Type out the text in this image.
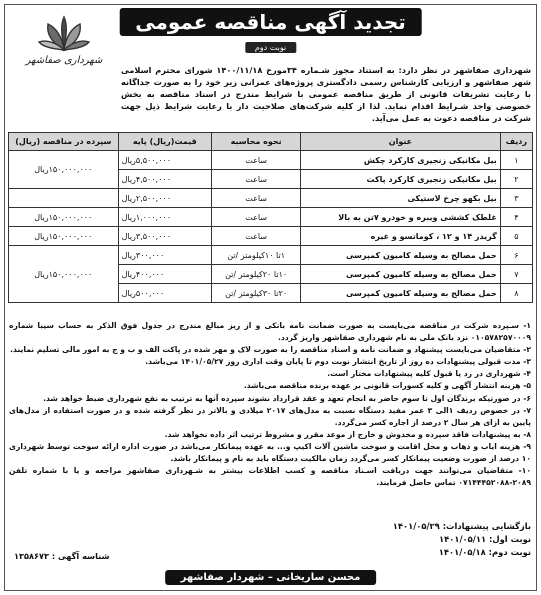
تجدید آگهی مناقصه عمومی
نوبت دوم
شهرداری صفاشهر

شهرداری صفاشهر در نظر دارد: به استناد مجوز شـماره ۳۴مورخ ۱۴۰۰/۱۱/۱۸ شورای محترم اسلامی شهر صفاشهر و ارزیابی کارشناس رسمی دادگستری پروژه‌های عمرانی زیر خود را به صورت جداگانه با رعایت تشریفات قانونی از طریق مناقصه عمومی با شرایط مندرج در اسناد مناقصه به بخش خصوصی واجد شـرایط اقدام نماید. لذا از کلیه شرکت‌های صلاحیت دار با رعایت شرایط ذیل جهت شرکت در مناقصه دعوت به عمل می‌آید.

ردیف	عنوان	نحوه محاسبه	قیمت(ریال) پایه	سپرده در مناقصه (ریال)
۱	بیل مکانیکی زنجیری کارکرد چکش	ساعت	۵,۵۰۰,۰۰۰ریال	۱۵۰,۰۰۰,۰۰۰ریال
۲	بیل مکانیکی زنجیری کارکرد پاکت	ساعت	۴,۵۰۰,۰۰۰ریال	
۳	بیل بکهو چرخ لاستیکی	ساعت	۲,۵۰۰,۰۰۰ریال	
۴	غلطک کششی ویبره و خودرو ۷تن به بالا	ساعت	۱,۰۰۰,۰۰۰ریال	۱۵۰,۰۰۰,۰۰۰ریال
۵	گریدر ۱۴ و ۱۲ ، کوماتسو و غیره	ساعت	۳,۵۰۰,۰۰۰ریال	۱۵۰,۰۰۰,۰۰۰ریال
۶	حمل مصالح به وسیله کامیون کمپرسی	۱تا ۱۰کیلومتر /تن	۳۰۰,۰۰۰ریال	۱۵۰,۰۰۰,۰۰۰ریال
۷	حمل مصالح به وسیله کامیون کمپرسی	۱۰تا ۲۰کیلومتر /تن	۴۰۰,۰۰۰ریال	
۸	حمل مصالح به وسیله کامیون کمپرسی	۲۰تا ۳۰کیلومتر /تن	۵۰۰,۰۰۰ریال	

۱- سـپرده شرکت در مناقصه می‌بایست به صورت ضمانت نامه بانکی و از ریز مبالغ مندرج در جدول فوق الذکر به حساب سیبا شماره ۰۱۰۵۷۸۲۵۷۰۰۰۹ نزد بانک ملی به نام شهرداری صفاشهر واریز گردد.

۲- متقاضیان می‌بایست پیشنهاد و ضمانت نامه و اسناد مناقصه را به صورت لاک و مهر شده در پاکت الف و ب و ج به امور مالی تسلیم نمایند.

۳- مدت قبولی پیشنهادات ده روز از تاریخ انتشار نوبت دوم تا پایان وقت اداری روز ۱۴۰۱/۰۵/۲۷ می‌باشد.

۴- شهرداری در رد یا قبول کلیه پیشنهادات مختار است.

۵- هزینه انتشار آگهی و کلیه کسورات قانونی بر عهده برنده مناقصه می‌باشد.

۶- در صورتیکه برندگان اول تا سوم حاضر به انجام تعهد و عقد قرارداد نشوند سپرده آنها به ترتیب به نفع شهرداری ضبط خواهد شد.

۷- در خصوص ردیف ۱الی ۳ عمر مفید دستگاه نسبت به مدل‌های ۲۰۱۷ میلادی و بالاتر در نظر گرفته شده و در صورت استفاده از مدل‌های پایین به ازای هر سال ۲ درصد از اجاره کسر می‌گردد.

۸- به پیشنهادات فاقد سپرده و مخدوش و خارج از موعد مقرر و مشروط ترتیب اثر داده نخواهد شد.

۹- هزینه ایاب و ذهاب و محل اقامت و سوخت ماشین آلات اکیپ و... به عهده پیمانکار می‌باشد در صورت اداره ارائه سوخت توسط شهرداری ۱۰ درصد از صورت وضعیت پیمانکار کسر می‌گردد زمان مالکیت دستگاه باید به نام و پیمانکار باشد.

۱۰- متقاضیان می‌توانند جهت دریافت اسـناد مناقصه و کسب اطلاعات بیشتر به شـهرداری صفاشهر مراجعه و یا با شماره تلفن ۲۰۸۹-۰۷۱۴۴۴۵۲۰۸۸ تماس حاصل فرمایند.

بازگشایی پیشنهادات: ۱۴۰۱/۰۵/۲۹
نوبت اول: ۱۴۰۱/۰۵/۱۱
نوبت دوم: ۱۴۰۱/۰۵/۱۸
شناسه آگهی : ۱۳۵۸۶۷۳
محسن ساریخانی – شهردار صفاشهر
